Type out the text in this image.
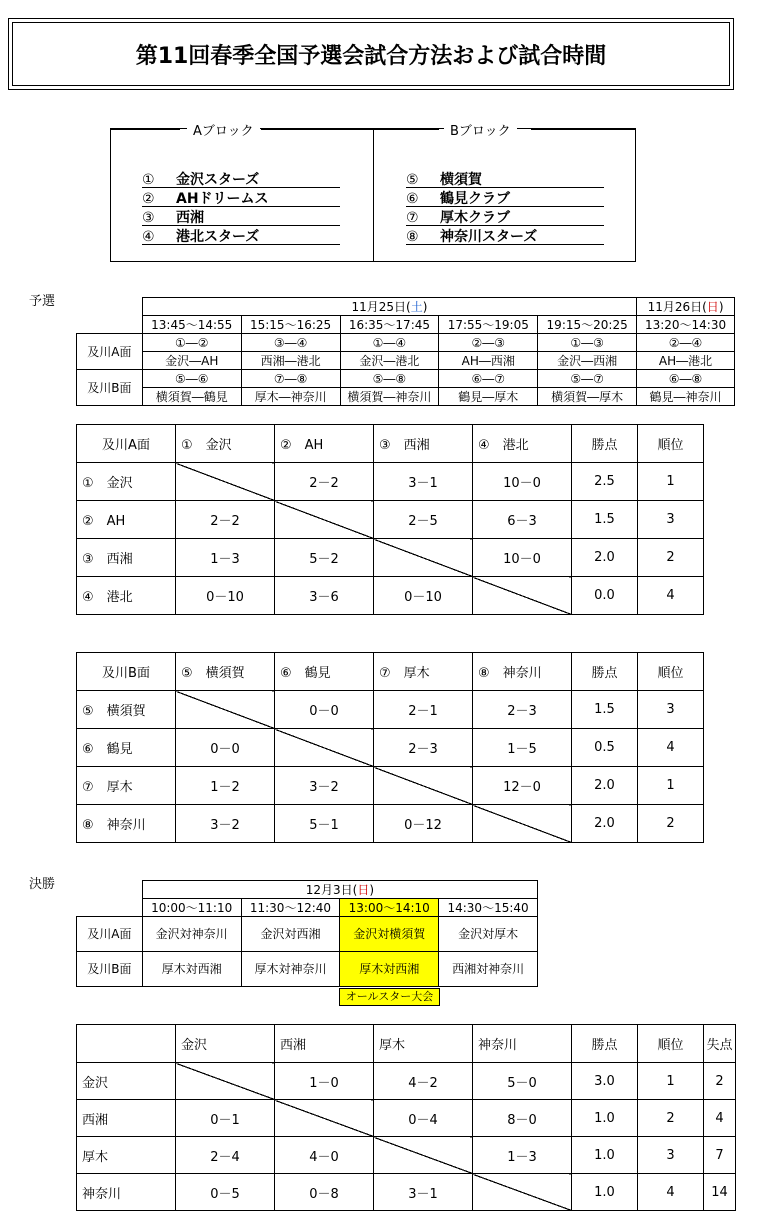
第11回春季全国予選会試合方法および試合時間
Aブロック	Bブロック
① 金沢スターズ
② AHドリームス
③ 西湘
④ 港北スターズ
⑤ 横須賀
⑥ 鶴見クラブ
⑦ 厚木クラブ
⑧ 神奈川スターズ
予選
		11月25日(土)					11月26日(日)
	13:45～14:55	15:15～16:25	16:35～17:45	17:55～19:05	19:15～20:25	13:20～14:30
及川A面	①―②	③―④	①―④	②―③	①―③	②―④
	金沢―AH	西湘―港北	金沢―港北	AH―西湘	金沢―西湘	AH―港北
及川B面	⑤―⑥	⑦―⑧	⑤―⑧	⑥―⑦	⑤―⑦	⑥―⑧
	横須賀―鶴見	厚木―神奈川	横須賀―神奈川	鶴見―厚木	横須賀―厚木	鶴見―神奈川
及川A面	①　金沢	②　AH	③　西湘	④　港北	勝点	順位
①　金沢		2－2	3－1	10－0	2.5	1
②　AH	2－2		2－5	6－3	1.5	3
③　西湘	1－3	5－2		10－0	2.0	2
④　港北	0－10	3－6	0－10		0.0	4
及川B面	⑤　横須賀	⑥　鶴見	⑦　厚木	⑧　神奈川	勝点	順位
⑤　横須賀		0－0	2－1	2－3	1.5	3
⑥　鶴見	0－0		2－3	1－5	0.5	4
⑦　厚木	1－2	3－2		12－0	2.0	1
⑧　神奈川	3－2	5－1	0－12		2.0	2
決勝
		12月3日(日)			
	10:00～11:10	11:30～12:40	13:00～14:10	14:30～15:40
及川A面	金沢対神奈川	金沢対西湘	金沢対横須賀	金沢対厚木
及川B面	厚木対西湘	厚木対神奈川	厚木対西湘	西湘対神奈川
オールスター大会
	金沢	西湘	厚木	神奈川	勝点	順位	失点
金沢		1－0	4－2	5－0	3.0	1	2
西湘	0－1		0－4	8－0	1.0	2	4
厚木	2－4	4－0		1－3	1.0	3	7
神奈川	0－5	0－8	3－1		1.0	4	14
